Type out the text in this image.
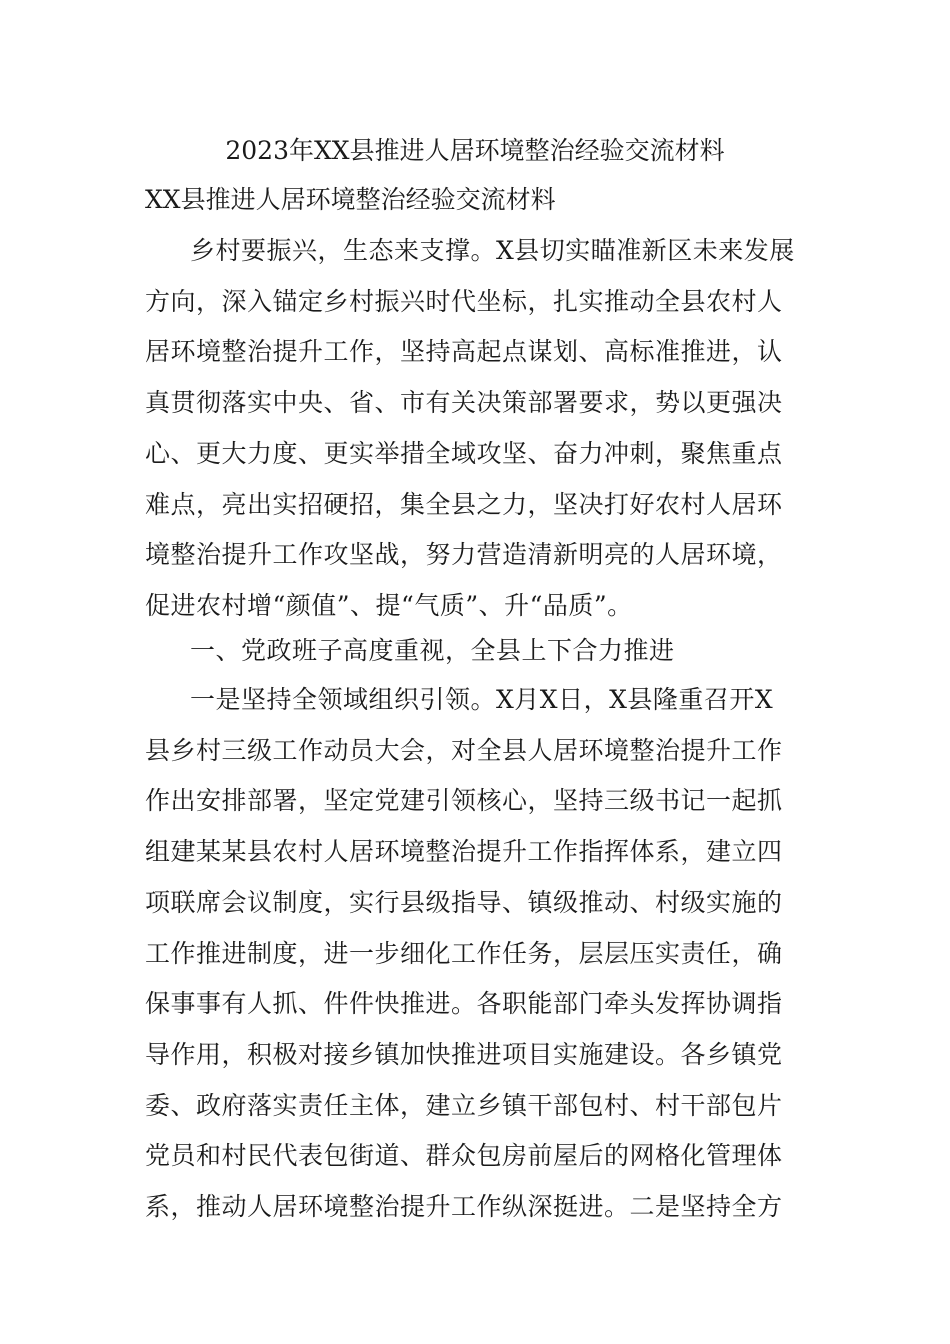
2023年XX县推进人居环境整治经验交流材料
XX县推进人居环境整治经验交流材料

乡村要振兴，生态来支撑。X县切实瞄准新区未来发展
方向，深入锚定乡村振兴时代坐标，扎实推动全县农村人
居环境整治提升工作，坚持高起点谋划、高标准推进，认
真贯彻落实中央、省、市有关决策部署要求，势以更强决
心、更大力度、更实举措全域攻坚、奋力冲刺，聚焦重点
难点，亮出实招硬招，集全县之力，坚决打好农村人居环
境整治提升工作攻坚战，努力营造清新明亮的人居环境，
促进农村增“颜值”、提“气质”、升“品质”。

一、党政班子高度重视，全县上下合力推进

一是坚持全领域组织引领。X月X日，X县隆重召开X
县乡村三级工作动员大会，对全县人居环境整治提升工作
作出安排部署，坚定党建引领核心，坚持三级书记一起抓
组建某某县农村人居环境整治提升工作指挥体系，建立四
项联席会议制度，实行县级指导、镇级推动、村级实施的
工作推进制度，进一步细化工作任务，层层压实责任，确
保事事有人抓、件件快推进。各职能部门牵头发挥协调指
导作用，积极对接乡镇加快推进项目实施建设。各乡镇党
委、政府落实责任主体，建立乡镇干部包村、村干部包片
党员和村民代表包街道、群众包房前屋后的网格化管理体
系，推动人居环境整治提升工作纵深挺进。二是坚持全方
